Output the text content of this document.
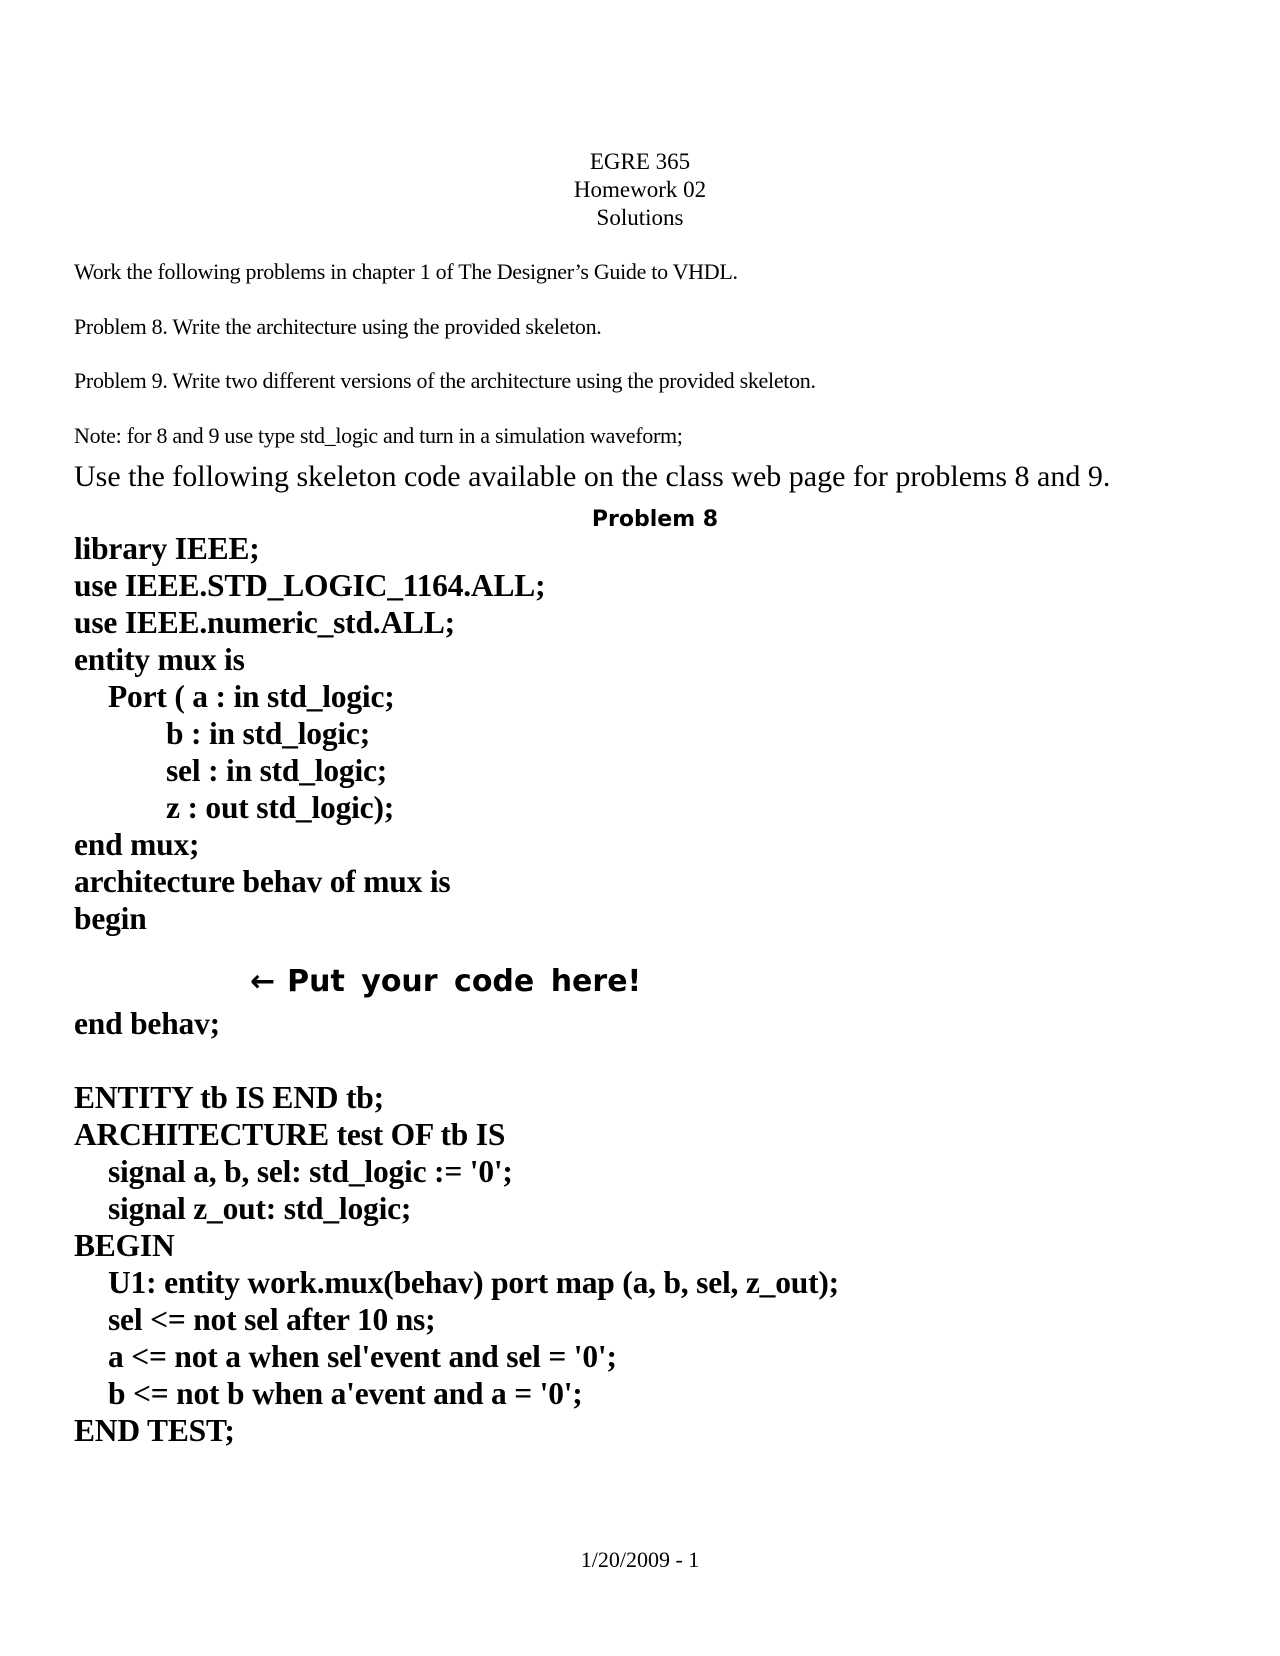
EGRE 365
Homework 02
Solutions
Work the following problems in chapter 1 of The Designer’s Guide to VHDL.
Problem 8. Write the architecture using the provided skeleton.
Problem 9. Write two different versions of the architecture using the provided skeleton.
Note: for 8 and 9 use type std_logic and turn in a simulation waveform;
Use the following skeleton code available on the class web page for problems 8 and 9.
Problem 8
library IEEE;
use IEEE.STD_LOGIC_1164.ALL;
use IEEE.numeric_std.ALL;
entity mux is
Port ( a : in std_logic;
b : in std_logic;
sel : in std_logic;
z : out std_logic);
end mux;
architecture behav of mux is
begin
← Put your code here!
end behav;
ENTITY tb IS END tb;
ARCHITECTURE test OF tb IS
signal a, b, sel: std_logic := '0';
signal z_out: std_logic;
BEGIN
U1: entity work.mux(behav) port map (a, b, sel, z_out);
sel <= not sel after 10 ns;
a <= not a when sel'event and sel = '0';
b <= not b when a'event and a = '0';
END TEST;
1/20/2009 - 1
